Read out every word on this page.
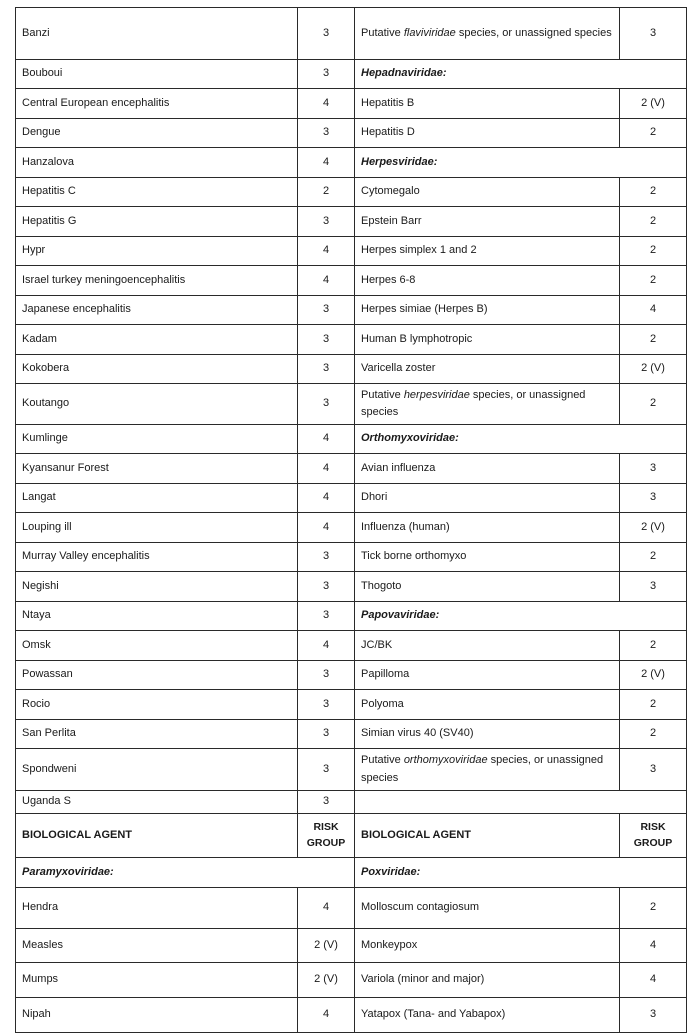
Banzi	3	Putative flaviviridae species, or unassigned species	3
Bouboui	3	Hepadnaviridae:	
Central European encephalitis	4	Hepatitis B	2 (V)
Dengue	3	Hepatitis D	2
Hanzalova	4	Herpesviridae:	
Hepatitis C	2	Cytomegalo	2
Hepatitis G	3	Epstein Barr	2
Hypr	4	Herpes simplex 1 and 2	2
Israel turkey meningoencephalitis	4	Herpes 6-8	2
Japanese encephalitis	3	Herpes simiae (Herpes B)	4
Kadam	3	Human B lymphotropic	2
Kokobera	3	Varicella zoster	2 (V)
Koutango	3	Putative herpesviridae species, or unassigned species	2
Kumlinge	4	Orthomyxoviridae:	
Kyansanur Forest	4	Avian influenza	3
Langat	4	Dhori	3
Louping ill	4	Influenza (human)	2 (V)
Murray Valley encephalitis	3	Tick borne orthomyxo	2
Negishi	3	Thogoto	3
Ntaya	3	Papovaviridae:	
Omsk	4	JC/BK	2
Powassan	3	Papilloma	2 (V)
Rocio	3	Polyoma	2
San Perlita	3	Simian virus 40 (SV40)	2
Spondweni	3	Putative orthomyxoviridae species, or unassigned species	3
Uganda S	3		
BIOLOGICAL AGENT	RISK GROUP	BIOLOGICAL AGENT	RISK GROUP
Paramyxoviridae:		Poxviridae:	
Hendra	4	Molloscum contagiosum	2
Measles	2 (V)	Monkeypox	4
Mumps	2 (V)	Variola (minor and major)	4
Nipah	4	Yatapox (Tana- and Yabapox)	3
